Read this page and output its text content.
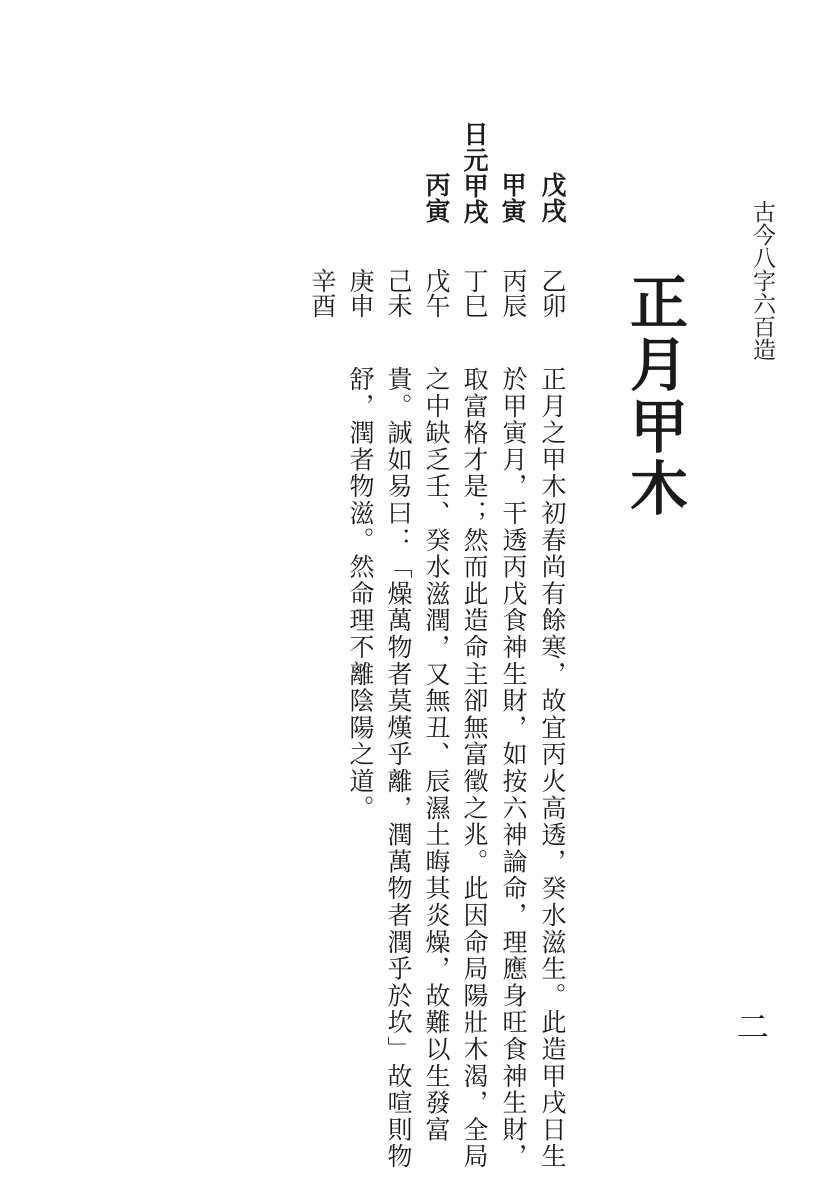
古今八字六百造
二
正月甲木
戊戌
甲寅
日元甲戌
丙寅
乙卯
丙辰
丁巳
戊午
己未
庚申
辛酉

正月之甲木初春尚有餘寒，故宜丙火高透，癸水滋生。此造甲戌日生

於甲寅月，干透丙戊食神生財，如按六神論命，理應身旺食神生財，

取富格才是；然而此造命主卻無富徵之兆。此因命局陽壯木渴，全局

之中缺乏壬、癸水滋潤，又無丑、辰濕土晦其炎燥，故難以生發富

貴。誠如易曰：「燥萬物者莫熯乎離，潤萬物者潤乎於坎」故喧則物

舒，潤者物滋。然命理不離陰陽之道。
